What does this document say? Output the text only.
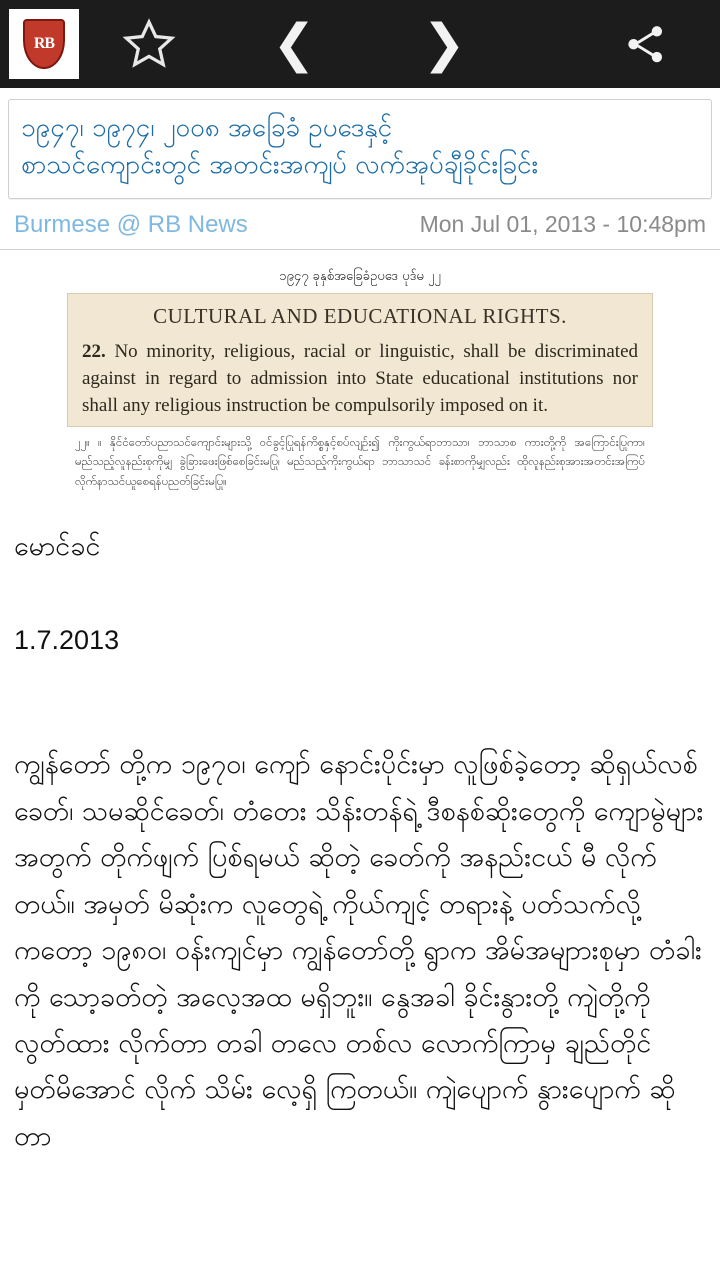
‹ RB	❮ ❯
၁၉၄၇၊ ၁၉၇၄၊ ၂၀၀၈ အခြေခံ ဥပဒေနှင့်
စာသင်ကျောင်းတွင် အတင်းအကျပ် လက်အုပ်ချီခိုင်းခြင်း
Burmese @ RB News	Mon Jul 01, 2013 - 10:48pm
၁၉၄၇ ခုနှစ်အခြေခံဥပဒေ ပုဒ်မ ၂၂
CULTURAL AND EDUCATIONAL RIGHTS.
22. No minority, religious, racial or linguistic, shall be discriminated against in regard to admission into State educational institutions nor shall any religious instruction be compulsorily imposed on it.
၂၂။ ။ နိုင်ငံတော်ပညာသင်ကျောင်းများသို့ ဝင်ခွင့်ပြုရန်ကိစ္စနှင့်စပ်လျဉ်း၍ ကိုးကွယ်ရာဘာသာ၊ ဘာသာစ ကားတို့ကို အကြောင်းပြုကာ၊ မည်သည့်လူနည်းစုကိုမျှ ခွဲခြားဖေးဖြစ်စေခြင်းမပြု၊ မည်သည့်ကိုးကွယ်ရာ ဘာသာသင် ခန်းစာကိုမျှလည်း ထိုလူနည်းစုအားအတင်းအကြပ်လိုက်နာသင်ယူစေရန်ပညတ်ခြင်းမပြု။
မောင်ခင်
1.7.2013
ကျွန်တော် တို့က ၁၉၇၀၊ ကျော် နောင်းပိုင်းမှာ လူဖြစ်ခဲ့တော့ ဆိုရှယ်လစ်ခေတ်၊ သမဆိုင်ခေတ်၊ တံတေး သိန်းတန်ရဲ့ ဒီစနစ်ဆိုးတွေကို ကျောမွဲများ အတွက် တိုက်ဖျက် ပြစ်ရမယ် ဆိုတဲ့ ခေတ်ကို အနည်းငယ် မီ လိုက်တယ်။ အမှတ် မိဆုံးက လူတွေရဲ့ ကိုယ်ကျင့် တရားနဲ့ ပတ်သက်လို့ ကတော့ ၁၉၈၀၊ ဝန်းကျင်မှာ ကျွန်တော်တို့ ရွာက အိမ်အမျာားစုမှာ တံခါးကို သော့ခတ်တဲ့ အလေ့အထ မရှိဘူး။ နွေအခါ ခိုင်းနွားတို့ ကျဲတို့ကို လွတ်ထား လိုက်တာ တခါ တလေ တစ်လ လောက်ကြာမှ ချည်တိုင် မှတ်မိအောင် လိုက် သိမ်း လေ့ရှိ ကြတယ်။ ကျဲပျောက် နွားပျောက် ဆိုတာ
